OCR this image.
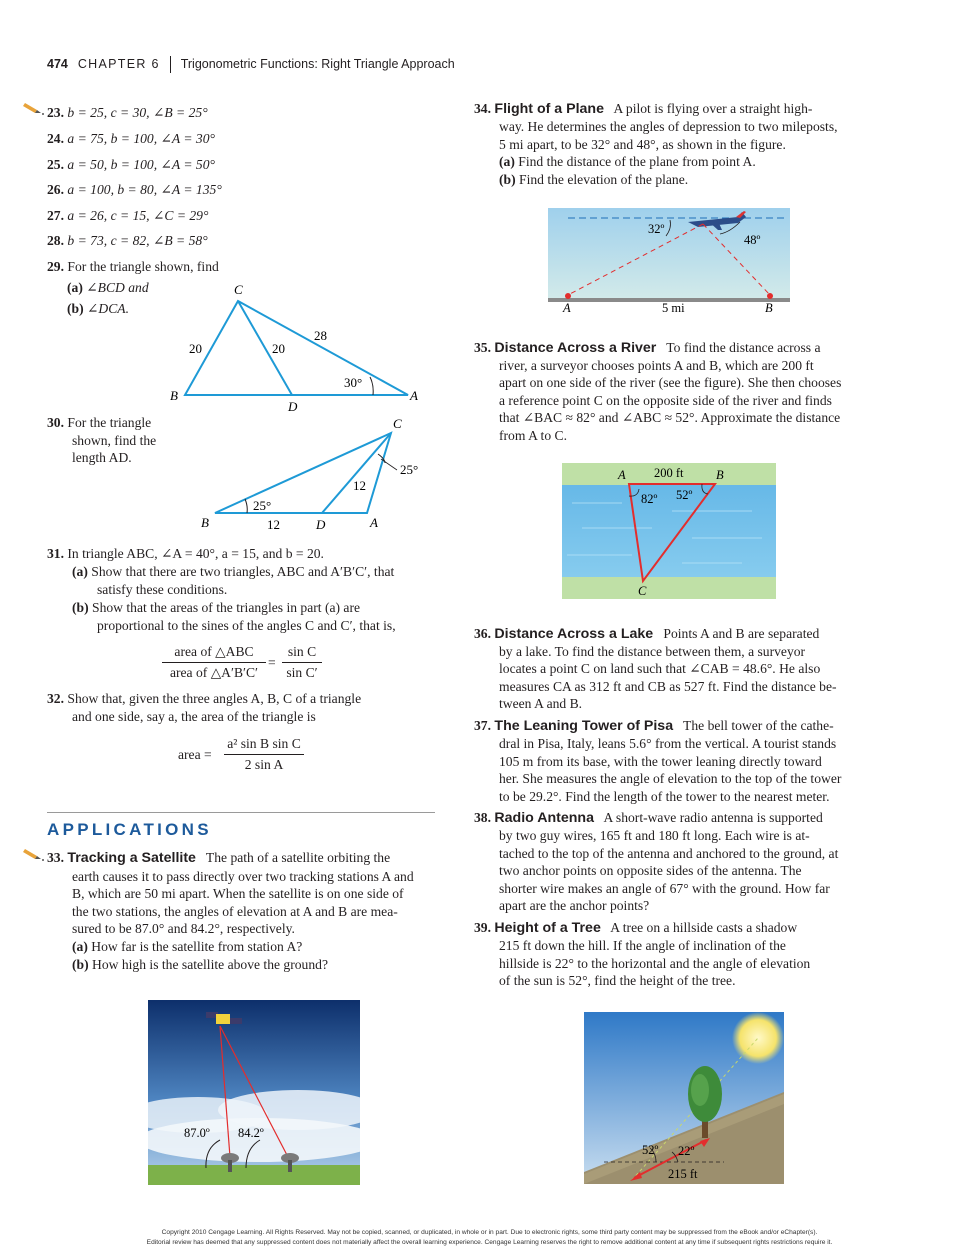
474 CHAPTER 6 Trigonometric Functions: Right Triangle Approach
23. b = 25, c = 30, ∠B = 25°
24. a = 75, b = 100, ∠A = 30°
25. a = 50, b = 100, ∠A = 50°
26. a = 100, b = 80, ∠A = 135°
27. a = 26, c = 15, ∠C = 29°
28. b = 73, c = 82, ∠B = 58°
29. For the triangle shown, find
(a) ∠BCD and
(b) ∠DCA.
C
B
D
A
20	20
28
30°
30. For the triangle
shown, find the
length AD.
C
B	D	A
25°
25°
12
12
31. In triangle ABC, ∠A = 40°, a = 15, and b = 20.
(a) Show that there are two triangles, ABC and A′B′C′, that
satisfy these conditions.
(b) Show that the areas of the triangles in part (a) are
proportional to the sines of the angles C and C′, that is,
area of △ABC
area of △A′B′C′
= $\frac{\text{sin C}}{\text{sin C′}}$
32. Show that, given the three angles A, B, C of a triangle
and one side, say a, the area of the triangle is
area = $\frac{\text{a² sin B sin C}}{\text{2 sin A}}$
APPLICATIONS
33. Tracking a Satellite The path of a satellite orbiting the
earth causes it to pass directly over two tracking stations A and
B, which are 50 mi apart. When the satellite is on one side of
the two stations, the angles of elevation at A and B are mea-
sured to be 87.0° and 84.2°, respectively.
(a) How far is the satellite from station A?
(b) How high is the satellite above the ground?
87.0º 84.2º
34. Flight of a Plane A pilot is flying over a straight high-
way. He determines the angles of depression to two mileposts,
5 mi apart, to be 32° and 48°, as shown in the figure.
(a) Find the distance of the plane from point A.
(b) Find the elevation of the plane.
32º
48º
A	5 mi	B
35. Distance Across a River To find the distance across a
river, a surveyor chooses points A and B, which are 200 ft
apart on one side of the river (see the figure). She then chooses
a reference point C on the opposite side of the river and finds
that ∠BAC ≈ 82° and ∠ABC ≈ 52°. Approximate the distance
from A to C.
A 200 ft	B
82º 52º
C
36. Distance Across a Lake Points A and B are separated
by a lake. To find the distance between them, a surveyor
locates a point C on land such that ∠CAB = 48.6°. He also
measures CA as 312 ft and CB as 527 ft. Find the distance be-
tween A and B.
37. The Leaning Tower of Pisa The bell tower of the cathe-
dral in Pisa, Italy, leans 5.6° from the vertical. A tourist stands
105 m from its base, with the tower leaning directly toward
her. She measures the angle of elevation to the top of the tower
to be 29.2°. Find the length of the tower to the nearest meter.
38. Radio Antenna A short-wave radio antenna is supported
by two guy wires, 165 ft and 180 ft long. Each wire is at-
tached to the top of the antenna and anchored to the ground, at
two anchor points on opposite sides of the antenna. The
shorter wire makes an angle of 67° with the ground. How far
apart are the anchor points?
39. Height of a Tree A tree on a hillside casts a shadow
215 ft down the hill. If the angle of inclination of the
hillside is 22° to the horizontal and the angle of elevation
of the sun is 52°, find the height of the tree.
52º 22º
215 ft
Copyright 2010 Cengage Learning. All Rights Reserved. May not be copied, scanned, or duplicated, in whole or in part. Due to electronic rights, some third party content may be suppressed from the eBook and/or eChapter(s).
Editorial review has deemed that any suppressed content does not materially affect the overall learning experience. Cengage Learning reserves the right to remove additional content at any time if subsequent rights restrictions require it.
